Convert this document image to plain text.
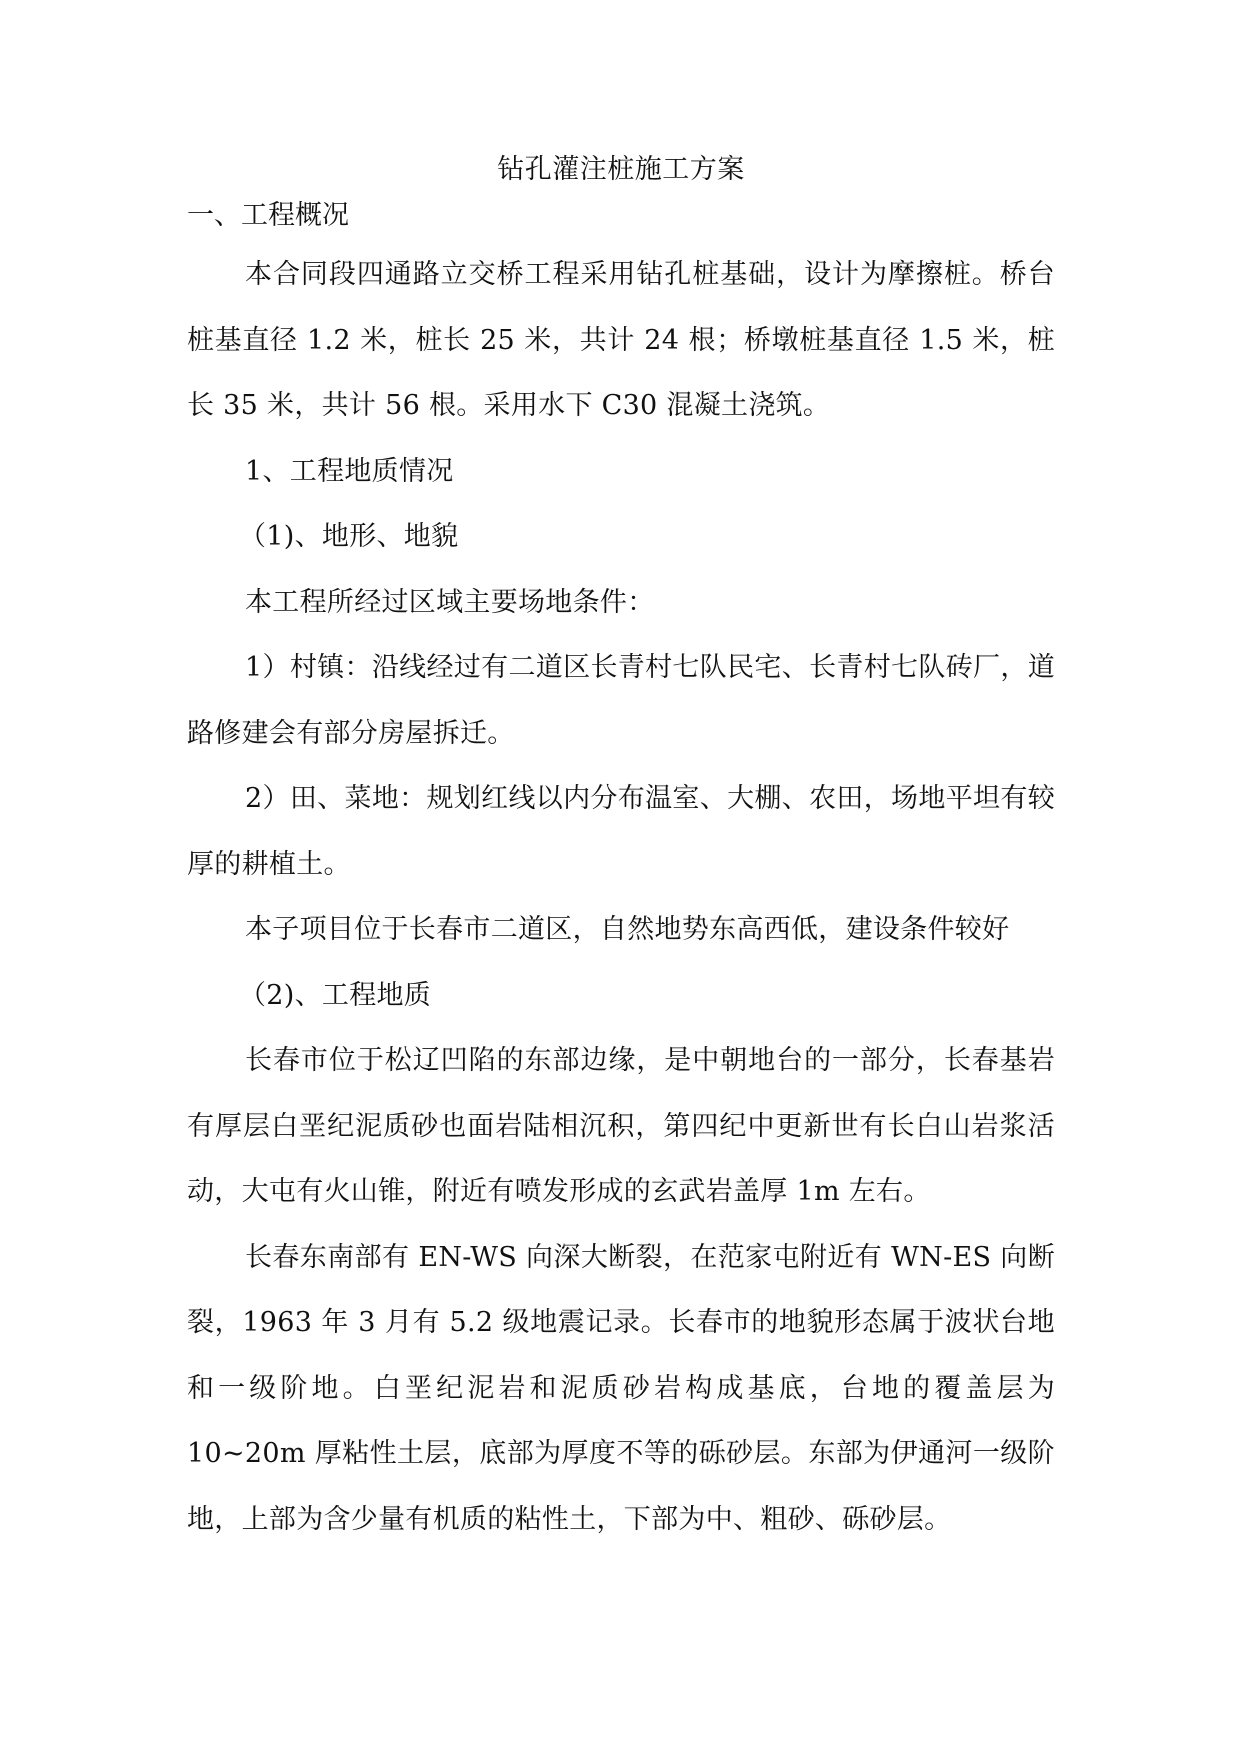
钻孔灌注桩施工方案
一、工程概况

本合同段四通路立交桥工程采用钻孔桩基础，设计为摩擦桩。桥台桩基直径 1.2 米，桩长 25 米，共计 24 根；桥墩桩基直径 1.5 米，桩长 35 米，共计 56 根。采用水下 C30 混凝土浇筑。

1、工程地质情况

（1)、地形、地貌

本工程所经过区域主要场地条件：

1）村镇：沿线经过有二道区长青村七队民宅、长青村七队砖厂，道路修建会有部分房屋拆迁。

2）田、菜地：规划红线以内分布温室、大棚、农田，场地平坦有较厚的耕植土。

本子项目位于长春市二道区，自然地势东高西低，建设条件较好

（2)、工程地质

长春市位于松辽凹陷的东部边缘，是中朝地台的一部分，长春基岩有厚层白垩纪泥质砂也面岩陆相沉积，第四纪中更新世有长白山岩浆活动，大屯有火山锥，附近有喷发形成的玄武岩盖厚 1m 左右。

长春东南部有 EN-WS 向深大断裂，在范家屯附近有 WN-ES 向断裂，1963 年 3 月有 5.2 级地震记录。长春市的地貌形态属于波状台地和一级阶地。白垩纪泥岩和泥质砂岩构成基底，台地的覆盖层为 10~20m 厚粘性土层，底部为厚度不等的砾砂层。东部为伊通河一级阶地，上部为含少量有机质的粘性土，下部为中、粗砂、砾砂层。
